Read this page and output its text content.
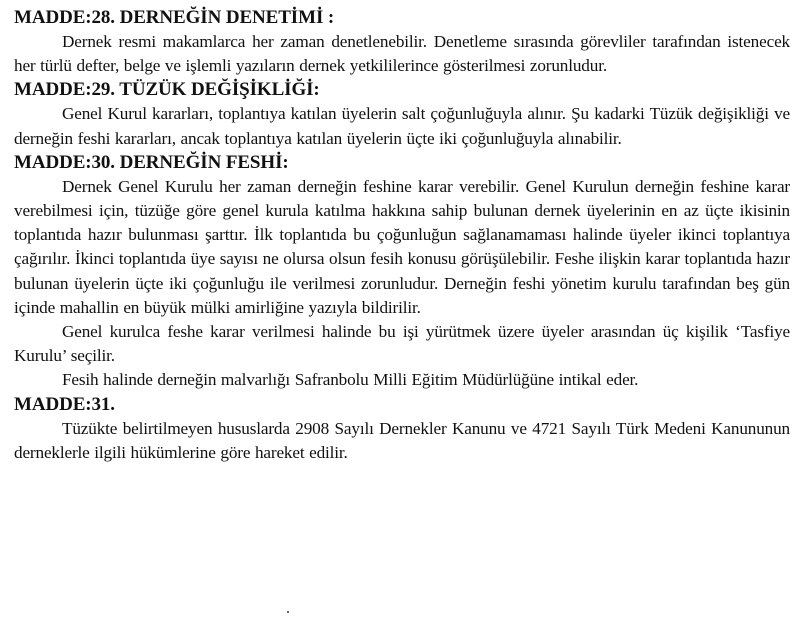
MADDE:28. DERNEĞİN DENETİMİ :

Dernek resmi makamlarca her zaman denetlenebilir. Denetleme sırasında görevliler tarafından istenecek her türlü defter, belge ve işlemli yazıların dernek yetkililerince gösterilmesi zorunludur.

MADDE:29. TÜZÜK DEĞİŞİKLİĞİ:

Genel Kurul kararları, toplantıya katılan üyelerin salt çoğunluğuyla alınır. Şu kadarki Tüzük değişikliği ve derneğin feshi kararları, ancak toplantıya katılan üyelerin üçte iki çoğunluğuyla alınabilir.

MADDE:30. DERNEĞİN FESHİ:

Dernek Genel Kurulu her zaman derneğin feshine karar verebilir. Genel Kurulun derneğin feshine karar verebilmesi için, tüzüğe göre genel kurula katılma hakkına sahip bulunan dernek üyelerinin en az üçte ikisinin toplantıda hazır bulunması şarttır. İlk toplantıda bu çoğunluğun sağlanamaması halinde üyeler ikinci toplantıya çağırılır. İkinci toplantıda üye sayısı ne olursa olsun fesih konusu görüşülebilir. Feshe ilişkin karar toplantıda hazır bulunan üyelerin üçte iki çoğunluğu ile verilmesi zorunludur. Derneğin feshi yönetim kurulu tarafından beş gün içinde mahallin en büyük mülki amirliğine yazıyla bildirilir.

Genel kurulca feshe karar verilmesi halinde bu işi yürütmek üzere üyeler arasından üç kişilik ‘Tasfiye Kurulu’ seçilir.

Fesih halinde derneğin malvarlığı Safranbolu Milli Eğitim Müdürlüğüne intikal eder.

MADDE:31.

Tüzükte belirtilmeyen hususlarda 2908 Sayılı Dernekler Kanunu ve 4721 Sayılı Türk Medeni Kanununun derneklerle ilgili hükümlerine göre hareket edilir.
